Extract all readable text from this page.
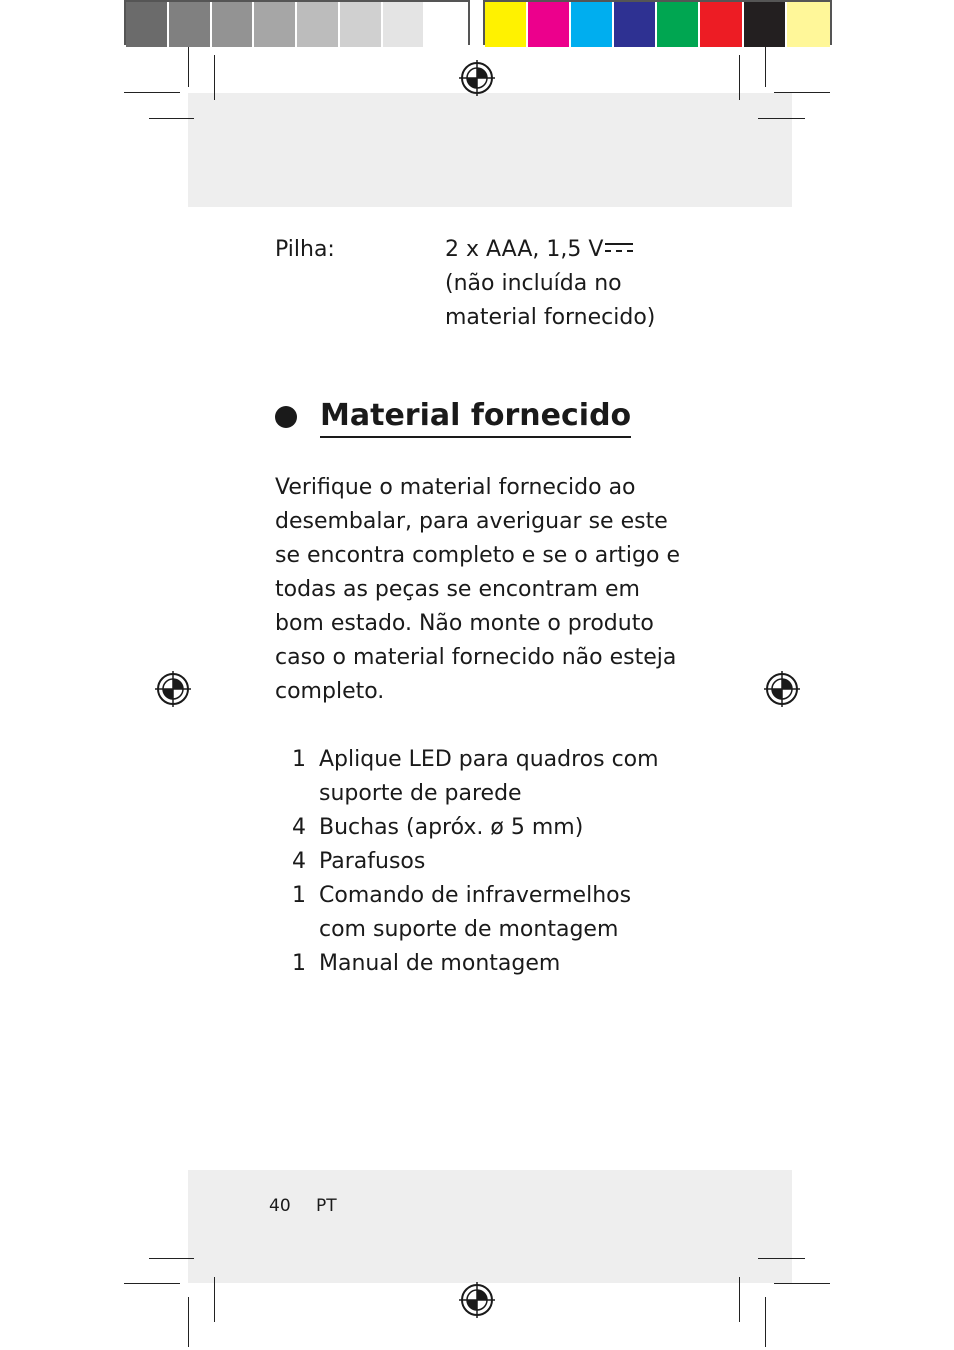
Pilha:	2 x AAA, 1,5 V
(não incluída no
material fornecido)
Material fornecido
Verifique o material fornecido ao
desembalar, para averiguar se este
se encontra completo e se o artigo e
todas as peças se encontram em
bom estado. Não monte o produto
caso o material fornecido não esteja
completo.
1 Aplique LED para quadros com
suporte de parede
4 Buchas (apróx. ø 5 mm)
4 Parafusos
1 Comando de infravermelhos
com suporte de montagem
1 Manual de montagem
40 PT
